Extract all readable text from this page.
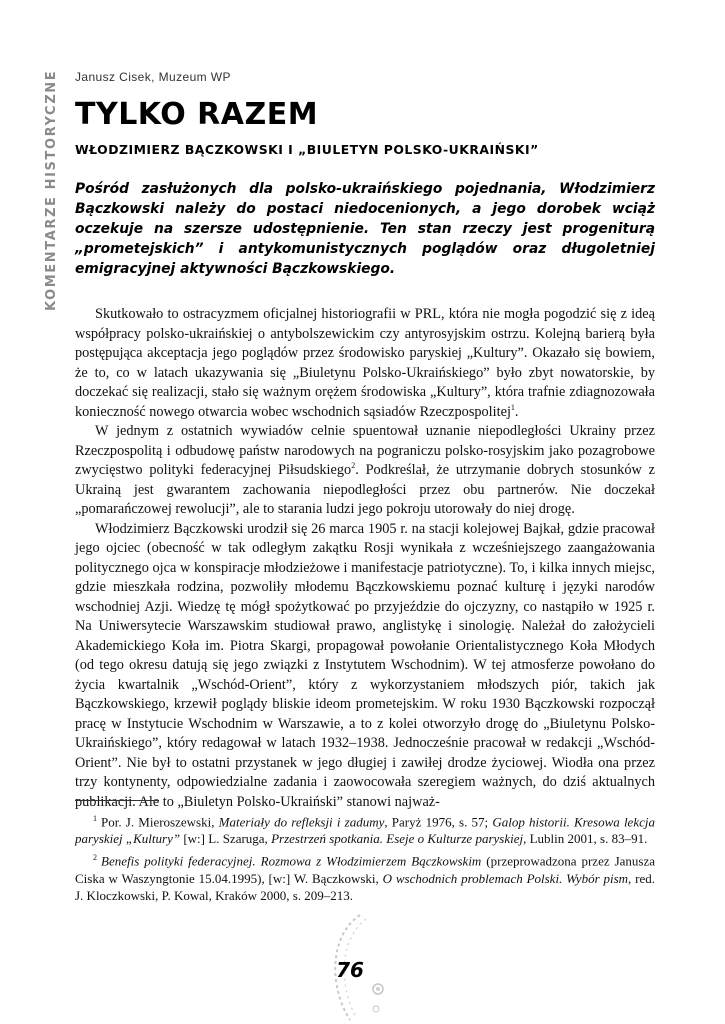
KOMENTARZE HISTORYCZNE Janusz Cisek, Muzeum WP
TYLKO RAZEM
WŁODZIMIERZ BĄCZKOWSKI I „BIULETYN POLSKO-UKRAIŃSKI”

Pośród zasłużonych dla polsko-ukraińskiego pojednania, Włodzimierz Bączkowski należy do postaci niedocenionych, a jego dorobek wciąż oczekuje na szersze udostępnienie. Ten stan rzeczy jest progeniturą „prometejskich” i antykomunistycznych poglądów oraz długoletniej emigracyjnej aktywności Bączkowskiego.

Skutkowało to ostracyzmem oficjalnej historiografii w PRL, która nie mogła pogodzić się z ideą współpracy polsko-ukraińskiej o antybolszewickim czy antyrosyjskim ostrzu. Kolejną barierą była postępująca akceptacja jego poglądów przez środowisko paryskiej „Kultury”. Okazało się bowiem, że to, co w latach ukazywania się „Biuletynu Polsko-Ukraińskiego” było zbyt nowatorskie, by doczekać się realizacji, stało się ważnym orężem środowiska „Kultury”, która trafnie zdiagnozowała konieczność nowego otwarcia wobec wschodnich sąsiadów Rzeczpospolitej$^1$.

W jednym z ostatnich wywiadów celnie spuentował uznanie niepodległości Ukrainy przez Rzeczpospolitą i odbudowę państw narodowych na pograniczu polsko-rosyjskim jako pozagrobowe zwycięstwo polityki federacyjnej Piłsudskiego$^2$. Podkreślał, że utrzymanie dobrych stosunków z Ukrainą jest gwarantem zachowania niepodległości przez obu partnerów. Nie doczekał „pomarańczowej rewolucji”, ale to starania ludzi jego pokroju utorowały do niej drogę.

Włodzimierz Bączkowski urodził się 26 marca 1905 r. na stacji kolejowej Bajkał, gdzie pracował jego ojciec (obecność w tak odległym zakątku Rosji wynikała z wcześniejszego zaangażowania politycznego ojca w konspiracje młodzieżowe i manifestacje patriotyczne). To, i kilka innych miejsc, gdzie mieszkała rodzina, pozwoliły młodemu Bączkowskiemu poznać kulturę i języki narodów wschodniej Azji. Wiedzę tę mógł spożytkować po przyjeździe do ojczyzny, co nastąpiło w 1925 r. Na Uniwersytecie Warszawskim studiował prawo, anglistykę i sinologię. Należał do założycieli Akademickiego Koła im. Piotra Skargi, propagował powołanie Orientalistycznego Koła Młodych (od tego okresu datują się jego związki z Instytutem Wschodnim). W tej atmosferze powołano do życia kwartalnik „Wschód-Orient”, który z wykorzystaniem młodszych piór, takich jak Bączkowskiego, krzewił poglądy bliskie ideom prometejskim. W roku 1930 Bączkowski rozpoczął pracę w Instytucie Wschodnim w Warszawie, a to z kolei otworzyło drogę do „Biuletynu Polsko-Ukraińskiego”, który redagował w latach 1932–1938. Jednocześnie pracował w redakcji „Wschód-Orient”. Nie był to ostatni przystanek w jego długiej i zawiłej drodze życiowej. Wiodła ona przez trzy kontynenty, odpowiedzialne zadania i zaowocowała szeregiem ważnych, do dziś aktualnych publikacji. Ale to „Biuletyn Polsko-Ukraiński” stanowi najważ-

$^1$ Por. J. Mieroszewski, Materiały do refleksji i zadumy, Paryż 1976, s. 57; Galop historii. Kresowa lekcja paryskiej „Kultury” [w:] L. Szaruga, Przestrzeń spotkania. Eseje o Kulturze paryskiej, Lublin 2001, s. 83–91.

$^2$ Benefis polityki federacyjnej. Rozmowa z Włodzimierzem Bączkowskim (przeprowadzona przez Janusza Ciska w Waszyngtonie 15.04.1995), [w:] W. Bączkowski, O wschodnich problemach Polski. Wybór pism, red. J. Kloczkowski, P. Kowal, Kraków 2000, s. 209–213.

76
